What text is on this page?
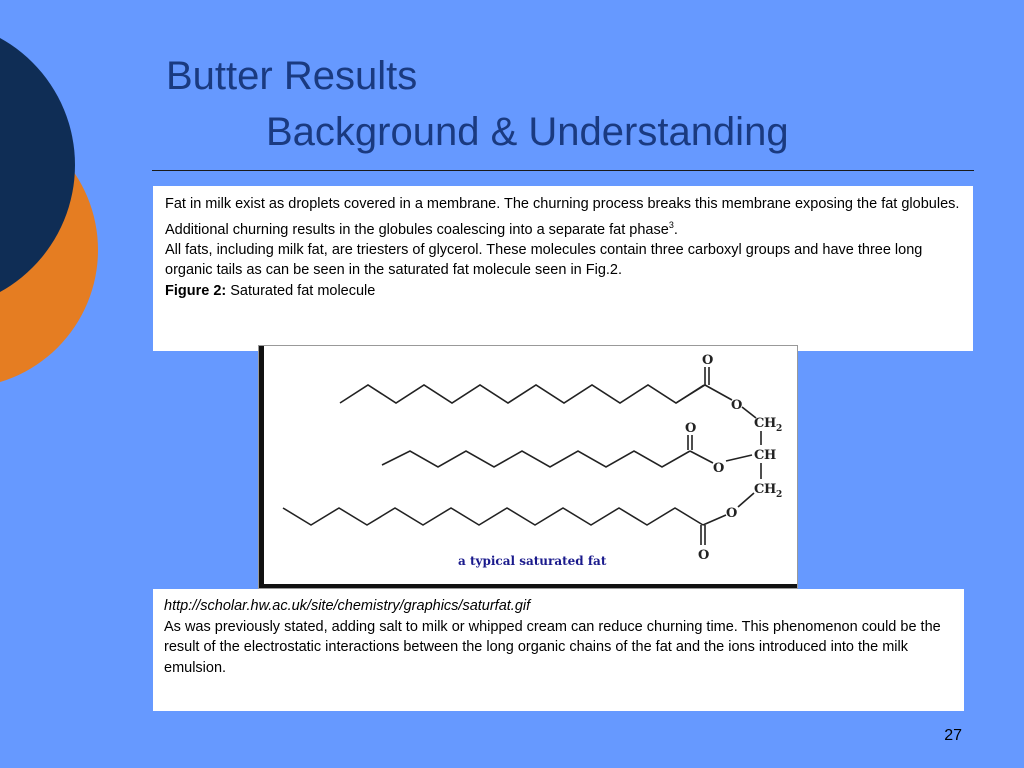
Butter Results
Background & Understanding

Fat in milk exist as droplets covered in a membrane. The churning process breaks this membrane exposing the fat globules. Additional churning results in the globules coalescing into a separate fat phase$^3$.

All fats, including milk fat, are triesters of glycerol. These molecules contain three carboxyl groups and have three long organic tails as can be seen in the saturated fat molecule seen in Fig.2.

Figure 2: Saturated fat molecule

O
O
C H 2
O
O
C H
C H 2
O
O
a typical saturated fat

http://scholar.hw.ac.uk/site/chemistry/graphics/saturfat.gif

As was previously stated, adding salt to milk or whipped cream can reduce churning time. This phenomenon could be the result of the electrostatic interactions between the long organic chains of the fat and the ions introduced into the milk emulsion.

27
